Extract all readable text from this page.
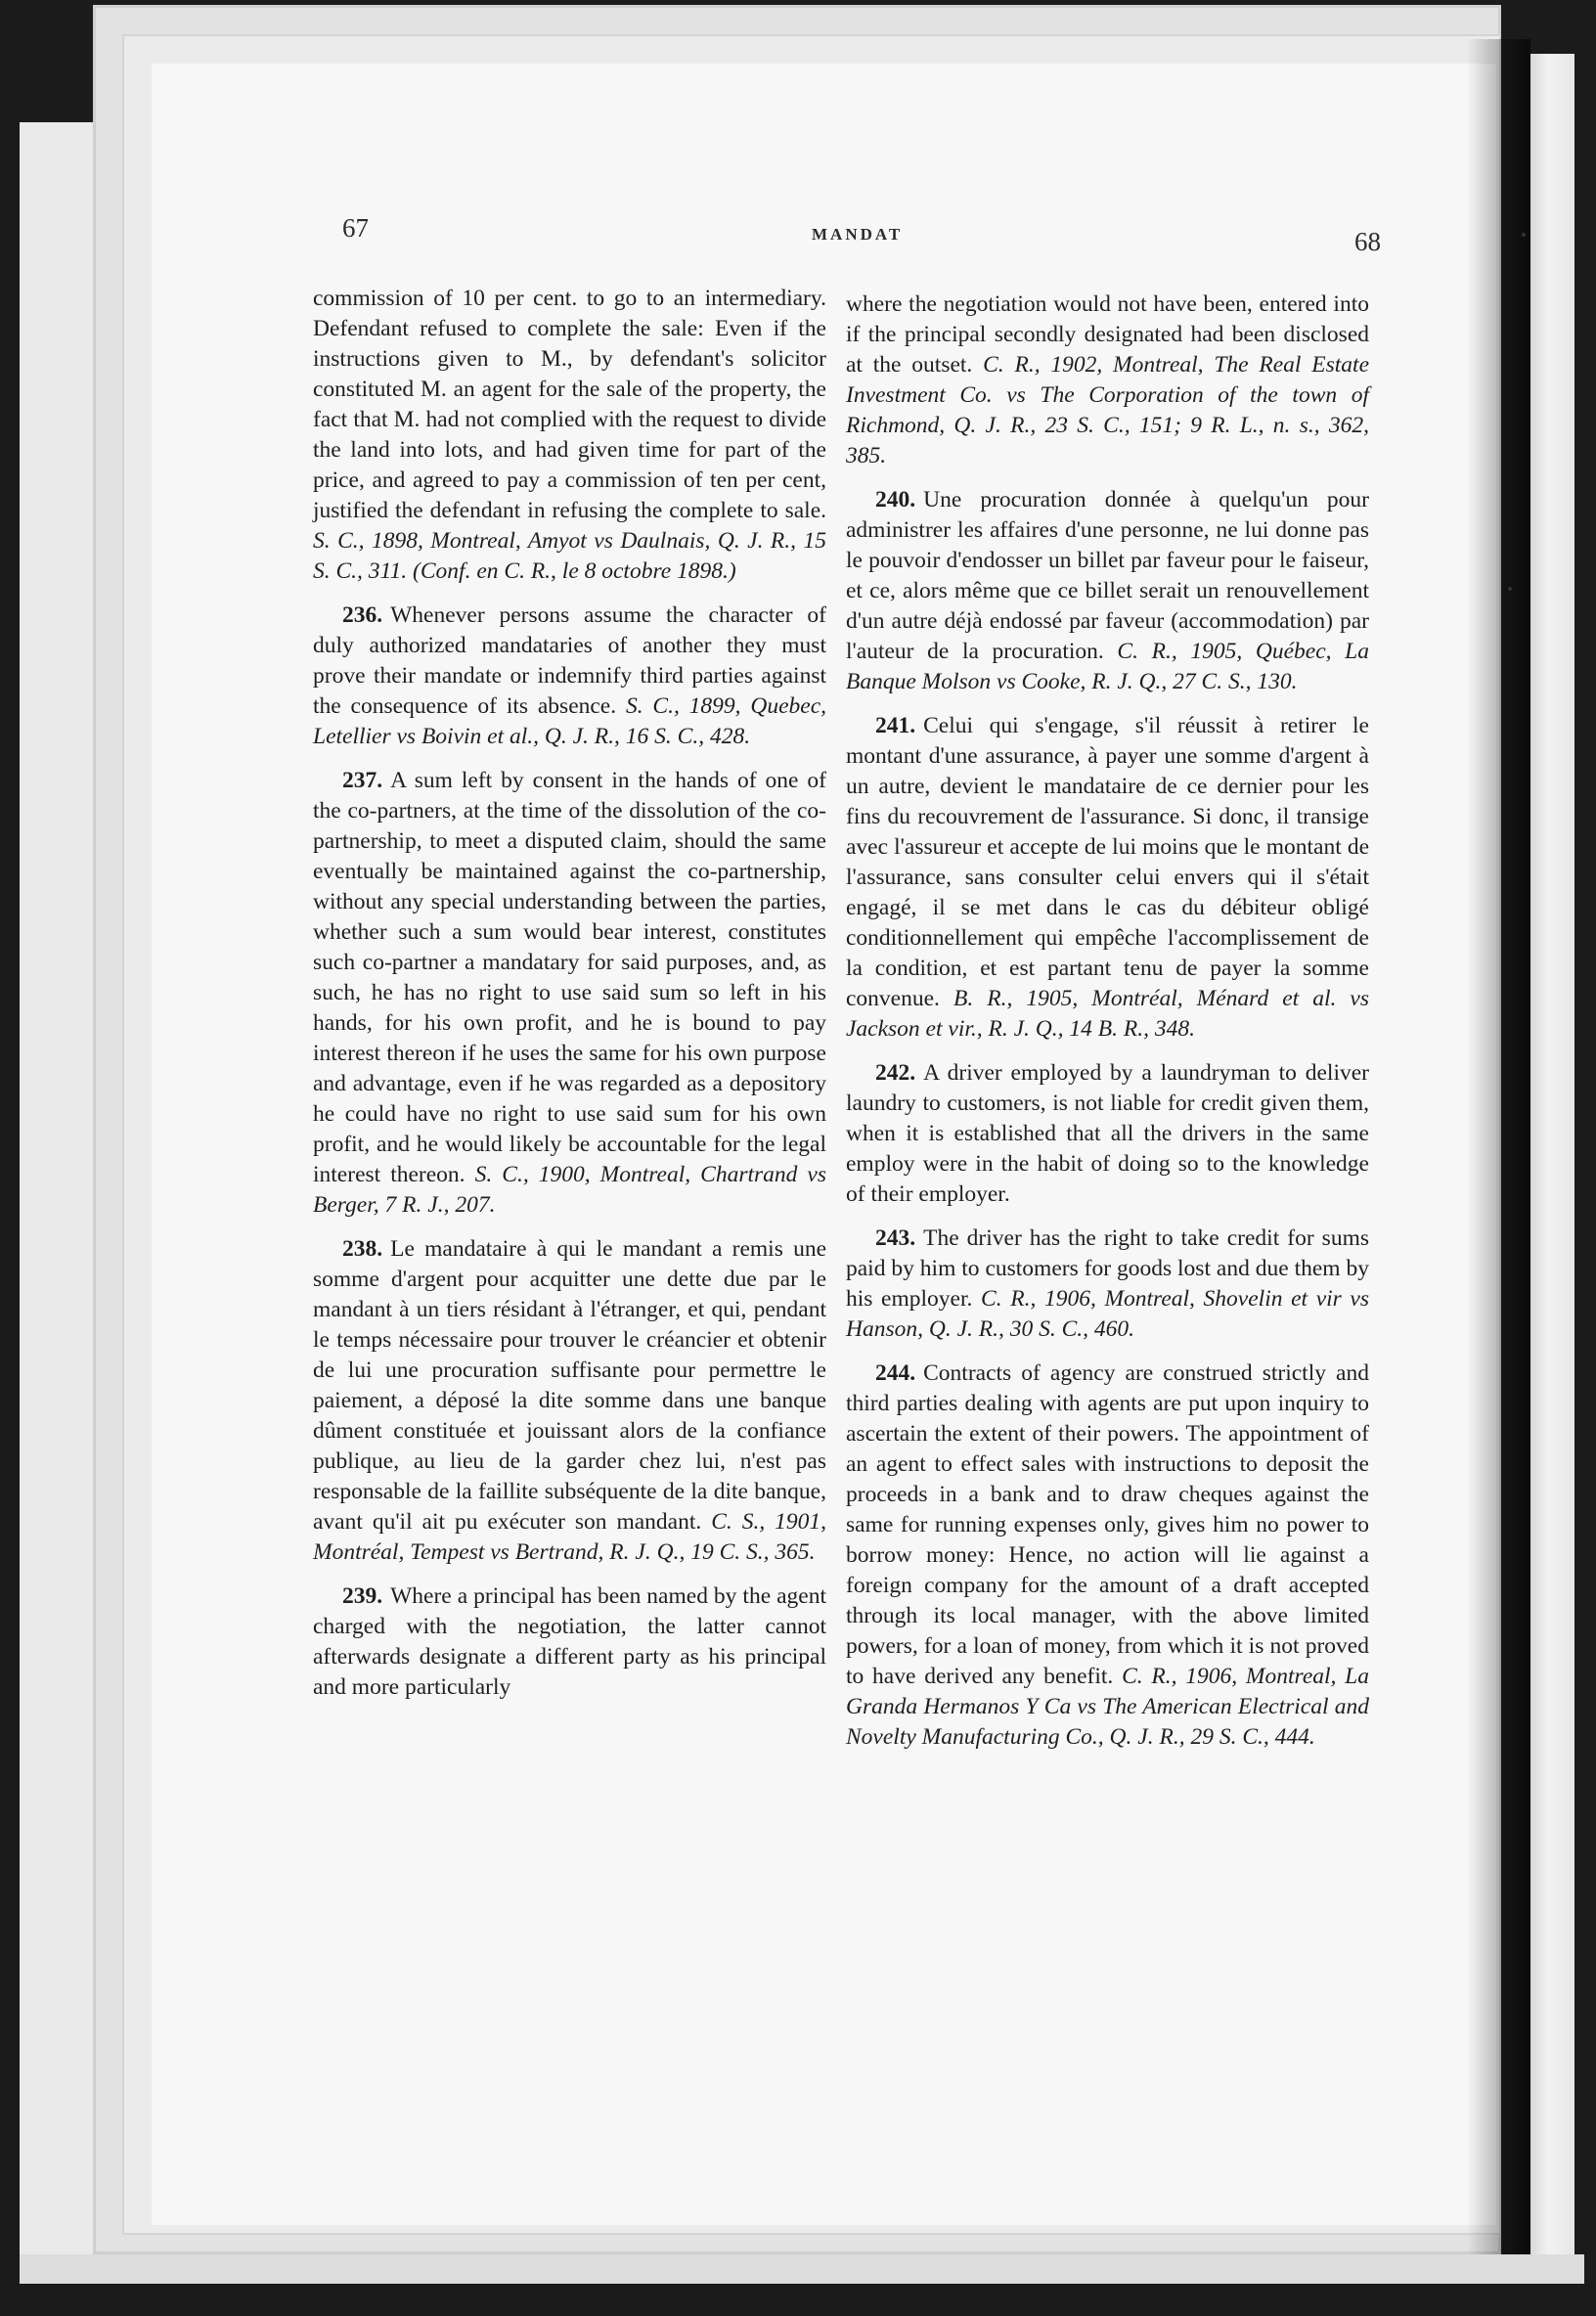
67	MANDAT	68

commission of 10 per cent. to go to an intermediary. Defendant refused to complete the sale: Even if the instructions given to M., by defendant's solicitor constituted M. an agent for the sale of the property, the fact that M. had not complied with the request to divide the land into lots, and had given time for part of the price, and agreed to pay a commission of ten per cent, justified the defendant in refusing the complete to sale. S. C., 1898, Montreal, Amyot vs Daulnais, Q. J. R., 15 S. C., 311. (Conf. en C. R., le 8 octobre 1898.)

236. Whenever persons assume the character of duly authorized mandataries of another they must prove their mandate or indemnify third parties against the consequence of its absence. S. C., 1899, Quebec, Letellier vs Boivin et al., Q. J. R., 16 S. C., 428.

237. A sum left by consent in the hands of one of the co-partners, at the time of the dissolution of the co-partnership, to meet a disputed claim, should the same eventually be maintained against the co-partnership, without any special understanding between the parties, whether such a sum would bear interest, constitutes such co-partner a mandatary for said purposes, and, as such, he has no right to use said sum so left in his hands, for his own profit, and he is bound to pay interest thereon if he uses the same for his own purpose and advantage, even if he was regarded as a depository he could have no right to use said sum for his own profit, and he would likely be accountable for the legal interest thereon. S. C., 1900, Montreal, Chartrand vs Berger, 7 R. J., 207.

238. Le mandataire à qui le mandant a remis une somme d'argent pour acquitter une dette due par le mandant à un tiers résidant à l'étranger, et qui, pendant le temps nécessaire pour trouver le créancier et obtenir de lui une procuration suffisante pour permettre le paiement, a déposé la dite somme dans une banque dûment constituée et jouissant alors de la confiance publique, au lieu de la garder chez lui, n'est pas responsable de la faillite subséquente de la dite banque, avant qu'il ait pu exécuter son mandant. C. S., 1901, Montréal, Tempest vs Bertrand, R. J. Q., 19 C. S., 365.

239. Where a principal has been named by the agent charged with the negotiation, the latter cannot afterwards designate a different party as his principal and more particularly

where the negotiation would not have been, entered into if the principal secondly designated had been disclosed at the outset. C. R., 1902, Montreal, The Real Estate Investment Co. vs The Corporation of the town of Richmond, Q. J. R., 23 S. C., 151; 9 R. L., n. s., 362, 385.

240. Une procuration donnée à quelqu'un pour administrer les affaires d'une personne, ne lui donne pas le pouvoir d'endosser un billet par faveur pour le faiseur, et ce, alors même que ce billet serait un renouvellement d'un autre déjà endossé par faveur (accommodation) par l'auteur de la procuration. C. R., 1905, Québec, La Banque Molson vs Cooke, R. J. Q., 27 C. S., 130.

241. Celui qui s'engage, s'il réussit à retirer le montant d'une assurance, à payer une somme d'argent à un autre, devient le mandataire de ce dernier pour les fins du recouvrement de l'assurance. Si donc, il transige avec l'assureur et accepte de lui moins que le montant de l'assurance, sans consulter celui envers qui il s'était engagé, il se met dans le cas du débiteur obligé conditionnellement qui empêche l'accomplissement de la condition, et est partant tenu de payer la somme convenue. B. R., 1905, Montréal, Ménard et al. vs Jackson et vir., R. J. Q., 14 B. R., 348.

242. A driver employed by a laundryman to deliver laundry to customers, is not liable for credit given them, when it is established that all the drivers in the same employ were in the habit of doing so to the knowledge of their employer.

243. The driver has the right to take credit for sums paid by him to customers for goods lost and due them by his employer. C. R., 1906, Montreal, Shovelin et vir vs Hanson, Q. J. R., 30 S. C., 460.

244. Contracts of agency are construed strictly and third parties dealing with agents are put upon inquiry to ascertain the extent of their powers. The appointment of an agent to effect sales with instructions to deposit the proceeds in a bank and to draw cheques against the same for running expenses only, gives him no power to borrow money: Hence, no action will lie against a foreign company for the amount of a draft accepted through its local manager, with the above limited powers, for a loan of money, from which it is not proved to have derived any benefit. C. R., 1906, Montreal, La Granda Hermanos Y Ca vs The American Electrical and Novelty Manufacturing Co., Q. J. R., 29 S. C., 444.
